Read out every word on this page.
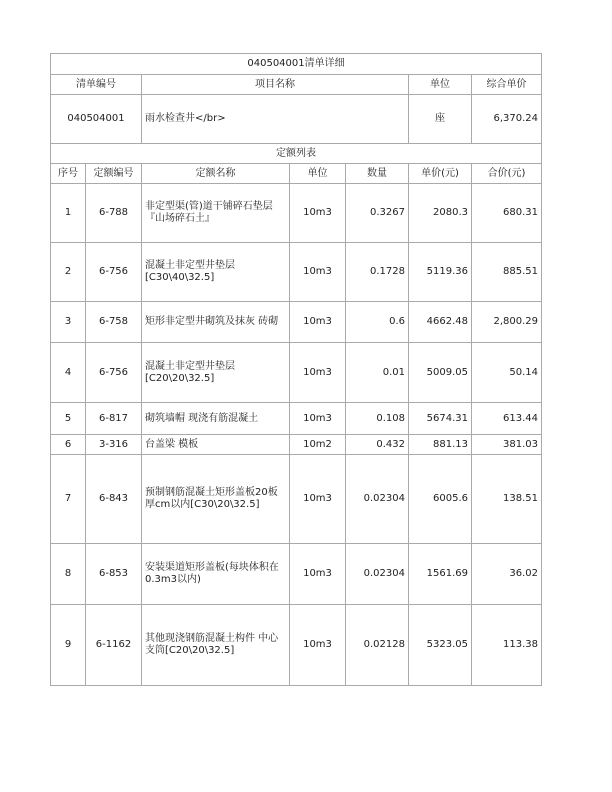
040504001清单详细						
清单编号		项目名称			单位	综合单价
040504001		雨水检查井</br>			座	6,370.24
定额列表						
序号	定额编号	定额名称	单位	数量	单价(元)	合价(元)
1	6-788	非定型渠(管)道干铺碎石垫层『山场碎石土』	10m3	0.3267	2080.3	680.31
2	6-756	混凝土非定型井垫层[C30\40\32.5]	10m3	0.1728	5119.36	885.51
3	6-758	矩形非定型井砌筑及抹灰 砖砌	10m3	0.6	4662.48	2,800.29
4	6-756	混凝土非定型井垫层[C20\20\32.5]	10m3	0.01	5009.05	50.14
5	6-817	砌筑墙帽 现浇有筋混凝土	10m3	0.108	5674.31	613.44
6	3-316	台盖梁 模板	10m2	0.432	881.13	381.03
7	6-843	预制钢筋混凝土矩形盖板20板厚cm以内[C30\20\32.5]	10m3	0.02304	6005.6	138.51
8	6-853	安装渠道矩形盖板(每块体积在0.3m3以内)	10m3	0.02304	1561.69	36.02
9	6-1162	其他现浇钢筋混凝土构件 中心支筒[C20\20\32.5]	10m3	0.02128	5323.05	113.38
